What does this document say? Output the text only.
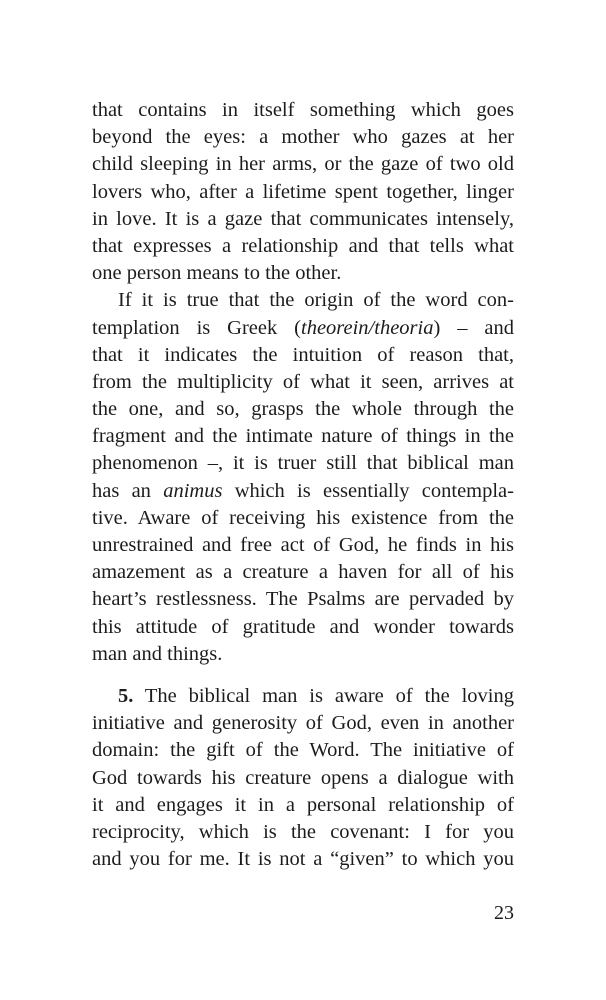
that contains in itself something which goes
beyond the eyes: a mother who gazes at her
child sleeping in her arms, or the gaze of two old
lovers who, after a lifetime spent together, linger
in love. It is a gaze that communicates intensely,
that expresses a relationship and that tells what
one person means to the other.
If it is true that the origin of the word con-
templation is Greek (theorein/theoria) – and
that it indicates the intuition of reason that,
from the multiplicity of what it seen, arrives at
the one, and so, grasps the whole through the
fragment and the intimate nature of things in the
phenomenon –, it is truer still that biblical man
has an animus which is essentially contempla-
tive. Aware of receiving his existence from the
unrestrained and free act of God, he finds in his
amazement as a creature a haven for all of his
heart’s restlessness. The Psalms are pervaded by
this attitude of gratitude and wonder towards
man and things.
5. The biblical man is aware of the loving
initiative and generosity of God, even in another
domain: the gift of the Word. The initiative of
God towards his creature opens a dialogue with
it and engages it in a personal relationship of
reciprocity, which is the covenant: I for you
and you for me. It is not a “given” to which you
23
